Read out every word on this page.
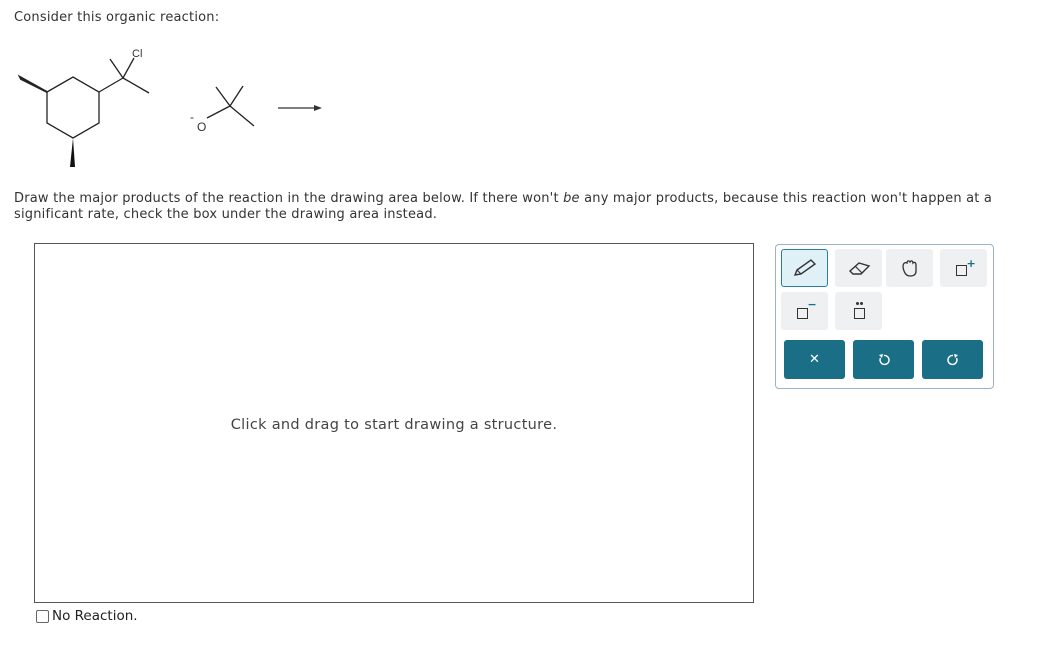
Consider this organic reaction:
Cl
O
-
Draw the major products of the reaction in the drawing area below. If there won't be any major products, because this reaction won't happen at a significant rate, check the box under the drawing area instead.
Click and drag to start drawing a structure.
No Reaction.
+
−
✕
